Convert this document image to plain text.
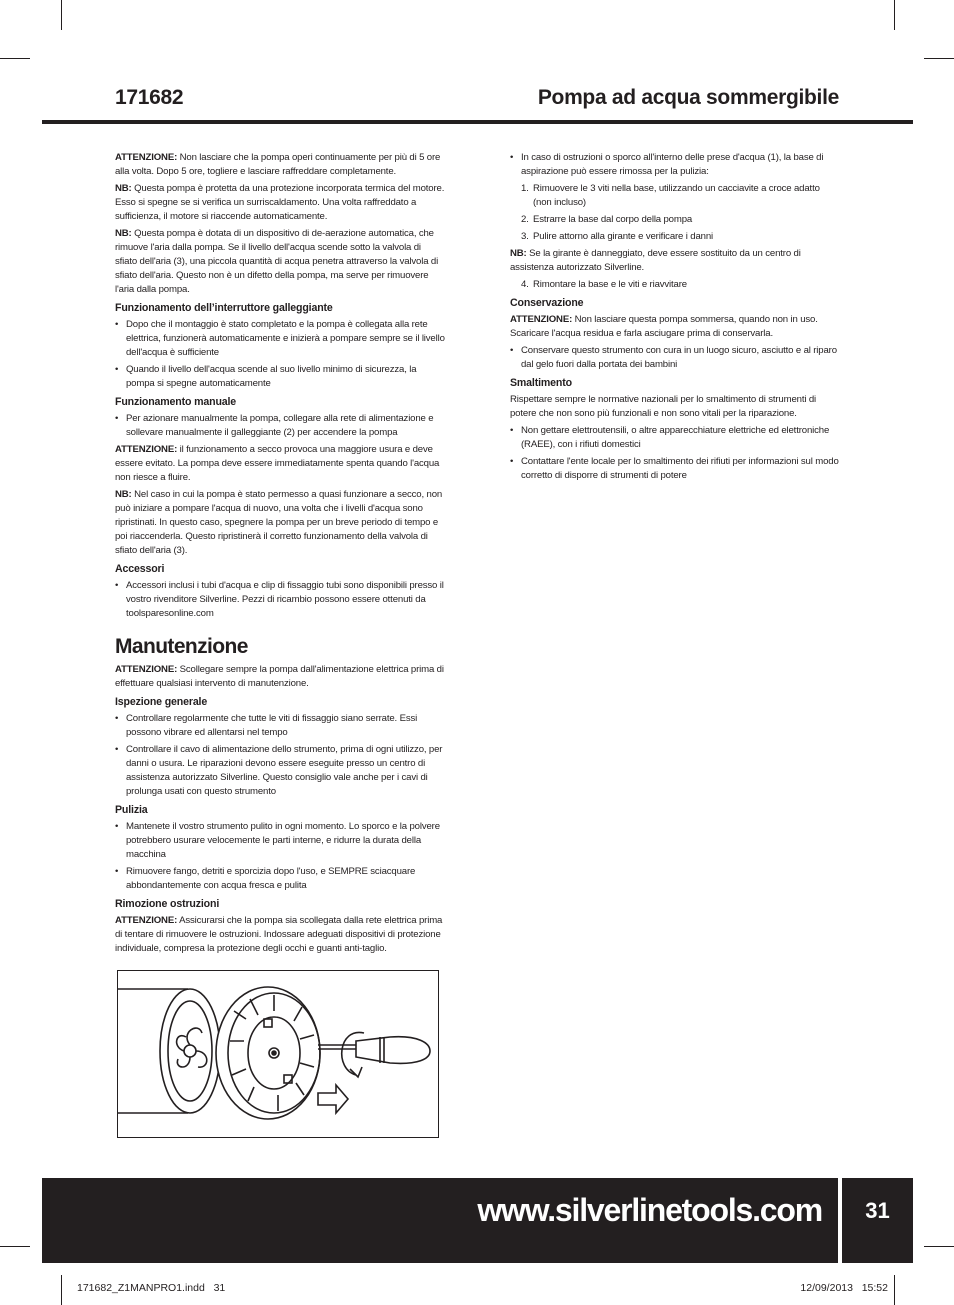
171682	Pompa ad acqua sommergibile

ATTENZIONE: Non lasciare che la pompa operi continuamente per più di 5 ore alla volta. Dopo 5 ore, togliere e lasciare raffreddare completamente.

NB: Questa pompa è protetta da una protezione incorporata termica del motore. Esso si spegne se si verifica un surriscaldamento. Una volta raffreddato a sufficienza, il motore si riaccende automaticamente.

NB: Questa pompa è dotata di un dispositivo di de-aerazione automatica, che rimuove l'aria dalla pompa. Se il livello dell'acqua scende sotto la valvola di sfiato dell'aria (3), una piccola quantità di acqua penetra attraverso la valvola di sfiato dell'aria. Questo non è un difetto della pompa, ma serve per rimuovere l'aria dalla pompa.

Funzionamento dell’interruttore galleggiante
• Dopo che il montaggio è stato completato e la pompa è collegata alla rete elettrica, funzionerà automaticamente e inizierà a pompare sempre se il livello dell'acqua è sufficiente
• Quando il livello dell'acqua scende al suo livello minimo di sicurezza, la pompa si spegne automaticamente
Funzionamento manuale
• Per azionare manualmente la pompa, collegare alla rete di alimentazione e sollevare manualmente il galleggiante (2) per accendere la pompa

ATTENZIONE: il funzionamento a secco provoca una maggiore usura e deve essere evitato. La pompa deve essere immediatamente spenta quando l'acqua non riesce a fluire.

NB: Nel caso in cui la pompa è stato permesso a quasi funzionare a secco, non può iniziare a pompare l'acqua di nuovo, una volta che i livelli d'acqua sono ripristinati. In questo caso, spegnere la pompa per un breve periodo di tempo e poi riaccenderla. Questo ripristinerà il corretto funzionamento della valvola di sfiato dell'aria (3).

Accessori
• Accessori inclusi i tubi d'acqua e clip di fissaggio tubi sono disponibili presso il vostro rivenditore Silverline. Pezzi di ricambio possono essere ottenuti da toolsparesonline.com
Manutenzione

ATTENZIONE: Scollegare sempre la pompa dall'alimentazione elettrica prima di effettuare qualsiasi intervento di manutenzione.

Ispezione generale
• Controllare regolarmente che tutte le viti di fissaggio siano serrate. Essi possono vibrare ed allentarsi nel tempo
• Controllare il cavo di alimentazione dello strumento, prima di ogni utilizzo, per danni o usura. Le riparazioni devono essere eseguite presso un centro di assistenza autorizzato Silverline. Questo consiglio vale anche per i cavi di prolunga usati con questo strumento
Pulizia
• Mantenete il vostro strumento pulito in ogni momento. Lo sporco e la polvere potrebbero usurare velocemente le parti interne, e ridurre la durata della macchina
• Rimuovere fango, detriti e sporcizia dopo l'uso, e SEMPRE sciacquare abbondantemente con acqua fresca e pulita
Rimozione ostruzioni

ATTENZIONE: Assicurarsi che la pompa sia scollegata dalla rete elettrica prima di tentare di rimuovere le ostruzioni. Indossare adeguati dispositivi di protezione individuale, compresa la protezione degli occhi e guanti anti-taglio.

• In caso di ostruzioni o sporco all'interno delle prese d'acqua (1), la base di aspirazione può essere rimossa per la pulizia:
1. Rimuovere le 3 viti nella base, utilizzando un cacciavite a croce adatto (non incluso)
2. Estrarre la base dal corpo della pompa
3. Pulire attorno alla girante e verificare i danni

NB: Se la girante è danneggiato, deve essere sostituito da un centro di assistenza autorizzato Silverline.

4. Rimontare la base e le viti e riavvitare
Conservazione

ATTENZIONE: Non lasciare questa pompa sommersa, quando non in uso. Scaricare l'acqua residua e farla asciugare prima di conservarla.

• Conservare questo strumento con cura in un luogo sicuro, asciutto e al riparo dal gelo fuori dalla portata dei bambini
Smaltimento

Rispettare sempre le normative nazionali per lo smaltimento di strumenti di potere che non sono più funzionali e non sono vitali per la riparazione.

• Non gettare elettroutensili, o altre apparecchiature elettriche ed elettroniche (RAEE), con i rifiuti domestici
• Contattare l'ente locale per lo smaltimento dei rifiuti per informazioni sul modo corretto di disporre di strumenti di potere
www.silverlinetools.com	31
171682_Z1MANPRO1.indd   31	12/09/2013   15:52
